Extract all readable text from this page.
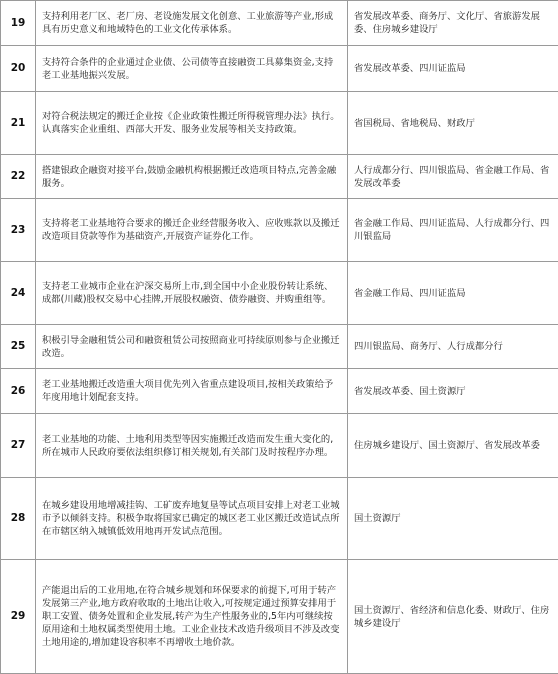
19	支持利用老厂区、老厂房、老设施发展文化创意、工业旅游等产业,形成具有历史意义和地域特色的工业文化传承体系。	省发展改革委、商务厅、文化厅、省旅游发展委、住房城乡建设厅
20	支持符合条件的企业通过企业债、公司债等直接融资工具募集资金,支持老工业基地振兴发展。	省发展改革委、四川证监局
21	对符合税法规定的搬迁企业按《企业政策性搬迁所得税管理办法》执行。认真落实企业重组、西部大开发、服务业发展等相关支持政策。	省国税局、省地税局、财政厅
22	搭建银政企融资对接平台,鼓励金融机构根据搬迁改造项目特点,完善金融服务。	人行成都分行、四川银监局、省金融工作局、省发展改革委
23	支持将老工业基地符合要求的搬迁企业经营服务收入、应收账款以及搬迁改造项目贷款等作为基础资产,开展资产证券化工作。	省金融工作局、四川证监局、人行成都分行、四川银监局
24	支持老工业城市企业在沪深交易所上市,到全国中小企业股份转让系统、成都(川藏)股权交易中心挂牌,开展股权融资、债券融资、并购重组等。	省金融工作局、四川证监局
25	积极引导金融租赁公司和融资租赁公司按照商业可持续原则参与企业搬迁改造。	四川银监局、商务厅、人行成都分行
26	老工业基地搬迁改造重大项目优先列入省重点建设项目,按相关政策给予年度用地计划配套支持。	省发展改革委、国土资源厅
27	老工业基地的功能、土地利用类型等因实施搬迁改造而发生重大变化的,所在城市人民政府要依法组织修订相关规划,有关部门及时按程序办理。	住房城乡建设厅、国土资源厅、省发展改革委
28	在城乡建设用地增减挂钩、工矿废弃地复垦等试点项目安排上对老工业城市予以倾斜支持。积极争取将国家已确定的城区老工业区搬迁改造试点所在市辖区纳入城镇低效用地再开发试点范围。	国土资源厅
29	产能退出后的工业用地,在符合城乡规划和环保要求的前提下,可用于转产发展第三产业,地方政府收取的土地出让收入,可按规定通过预算安排用于职工安置、债务处置和企业发展,转产为生产性服务业的,5年内可继续按原用途和土地权属类型使用土地。工业企业技术改造升级项目不涉及改变土地用途的,增加建设容积率不再增收土地价款。	国土资源厅、省经济和信息化委、财政厅、住房城乡建设厅
